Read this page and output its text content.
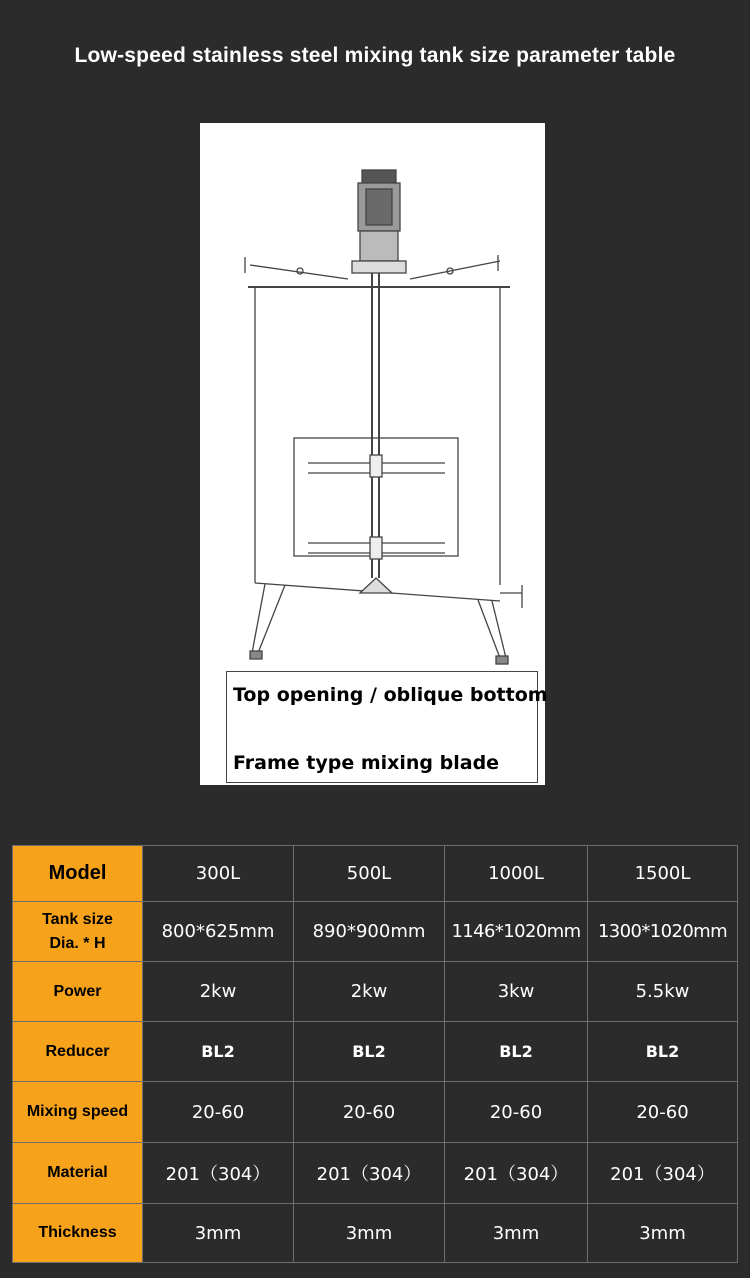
Low-speed stainless steel mixing tank size parameter table
Top opening / oblique bottom
Frame type mixing blade
Model	300L	500L	1000L	1500L

Tank size
Dia. * H	800*625mm	890*900mm	1146*1020mm	1300*1020mm
Power	2kw	2kw	3kw	5.5kw
Reducer	BL2	BL2	BL2	BL2
Mixing speed	20-60	20-60	20-60	20-60
Material	201（304）	201（304）	201（304）	201（304）
Thickness	3mm	3mm	3mm	3mm
